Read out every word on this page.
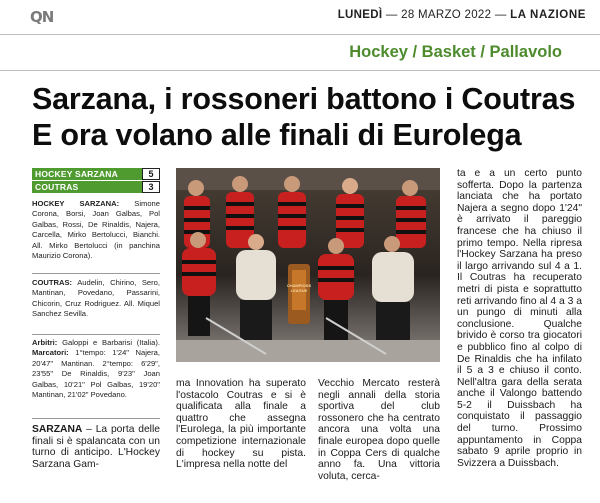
QN	LUNEDÌ — 28 MARZO 2022 — LA NAZIONE
Hockey / Basket / Pallavolo
Sarzana, i rossoneri battono i Coutras
E ora volano alle finali di Eurolega
HOCKEY SARZANA	5
COUTRAS	3
HOCKEY SARZANA: Simone Corona, Borsi, Joan Galbas, Pol Galbas, Rossi, De Rinaldis, Najera, Carcella, Mirko Bertolucci, Bianchi. All. Mirko Bertolucci (in panchina Maurizio Corona).
COUTRAS: Audelin, Chirino, Sero, Mantinan, Povedano, Passarini, Chicorin, Cruz Rodriguez. All. Miquel Sanchez Sevilla.
Arbitri: Galoppi e Barbarisi (Italia). Marcatori: 1°tempo: 1'24" Najera, 20'47" Mantinan. 2°tempo: 6'29", 23'55" De Rinaldis, 9'23" Joan Galbas, 10'21" Pol Galbas, 19'20" Mantinan, 21'02" Povedano.
CHAMPIONS LEAGUE
SARZANA – La porta delle finali si è spalancata con un turno di anticipo. L'Hockey Sarzana Gam-
ma Innovation ha superato l'ostacolo Coutras e si è qualificata alla finale a quattro che assegna l'Eurolega, la più importante competizione internazionale di hockey su pista. L'impresa nella notte del
Vecchio Mercato resterà negli annali della storia sportiva del club rossonero che ha centrato ancora una volta una finale europea dopo quelle in Coppa Cers di qualche anno fa. Una vittoria voluta, cerca-
ta e a un certo punto sofferta. Dopo la partenza lanciata che ha portato Najera a segno dopo 1'24" è arrivato il pareggio francese che ha chiuso il primo tempo. Nella ripresa l'Hockey Sarzana ha preso il largo arrivando sul 4 a 1. Il Coutras ha recuperato metri di pista e soprattutto reti arrivando fino al 4 a 3 a un pungo di minuti alla conclusione. Qualche brivido è corso tra giocatori e pubblico fino al colpo di De Rinaldis che ha infilato il 5 a 3 e chiuso il conto. Nell'altra gara della serata anche il Valongo battendo 5-2 il Duissbach ha conquistato il passaggio del turno. Prossimo appuntamento in Coppa sabato 9 aprile proprio in Svizzera a Duissbach.
